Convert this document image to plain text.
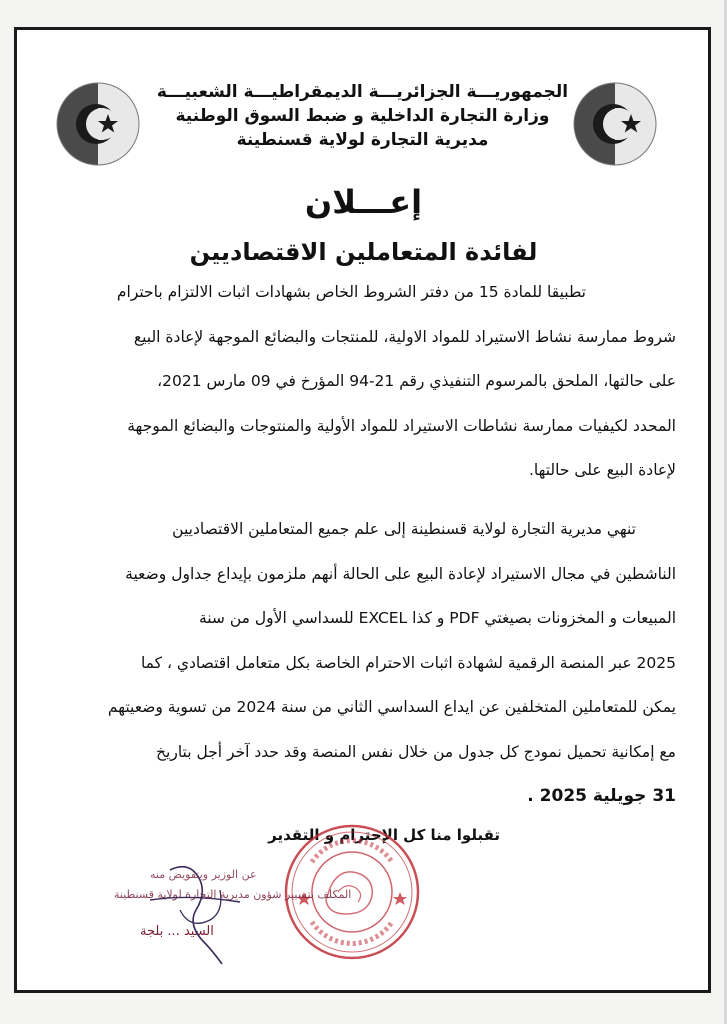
الجمهوريـــة الجزائريـــة الديمقراطيـــة الشعبيـــة
وزارة التجارة الداخلية و ضبط السوق الوطنية
مديرية التجارة لولاية قسنطينة
إعـــلان
لفائدة المتعاملين الاقتصاديين
تطبيقا للمادة 15 من دفتر الشروط الخاص بشهادات اثبات الالتزام باحترام
شروط ممارسة نشاط الاستيراد للمواد الاولية، للمنتجات والبضائع الموجهة لإعادة البيع
على حالتها، الملحق بالمرسوم التنفيذي رقم 21-94 المؤرخ في 09 مارس 2021،
المحدد لكيفيات ممارسة نشاطات الاستيراد للمواد الأولية والمنتوجات والبضائع الموجهة
لإعادة البيع على حالتها.
تنهي مديرية التجارة لولاية قسنطينة إلى علم جميع المتعاملين الاقتصاديين
الناشطين في مجال الاستيراد لإعادة البيع على الحالة أنهم ملزمون بإيداع جداول وضعية
المبيعات و المخزونات بصيغتي PDF و كذا EXCEL للسداسي الأول من سنة
2025 عبر المنصة الرقمية لشهادة اثبات الاحترام الخاصة بكل متعامل اقتصادي ، كما
يمكن للمتعاملين المتخلفين عن ايداع السداسي الثاني من سنة 2024 من تسوية وضعيتهم
مع إمكانية تحميل نمودج كل جدول من خلال نفس المنصة وقد حدد آخر أجل بتاريخ
31 جويلية 2025 .
تقبلوا منا كل الإحترام و التقدير
عن الوزير وبتفويض منه
المكلف بتسيير شؤون مديرية التجارة لولاية قسنطينة
السيد ... بلجة
